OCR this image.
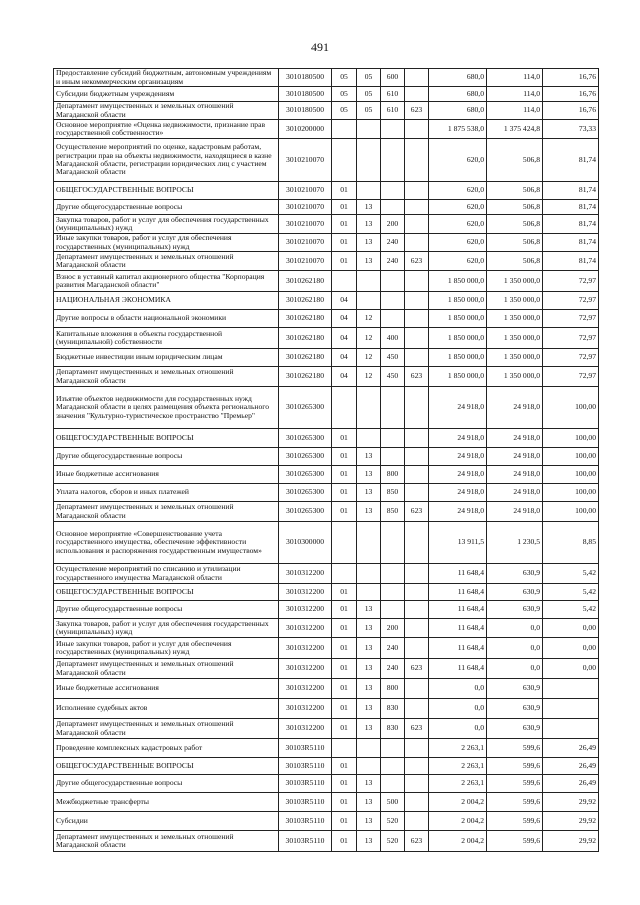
491
Предоставление субсидий бюджетным, автономным учреждениям и иным некоммерческим организациям	3010180500	05	05	600		680,0	114,0	16,76
Субсидии бюджетным учреждениям	3010180500	05	05	610		680,0	114,0	16,76
Департамент имущественных и земельных отношений Магаданской области	3010180500	05	05	610	623	680,0	114,0	16,76
Основное мероприятие «Оценка недвижимости, признание прав государственной собственности»	3010200000					1 875 538,0	1 375 424,8	73,33
Осуществление мероприятий по оценке, кадастровым работам, регистрации прав на объекты недвижимости, находящиеся в казне Магаданской области, регистрации юридических лиц с участием Магаданской области	3010210070					620,0	506,8	81,74
ОБЩЕГОСУДАРСТВЕННЫЕ ВОПРОСЫ	3010210070	01				620,0	506,8	81,74
Другие общегосударственные вопросы	3010210070	01	13			620,0	506,8	81,74
Закупка товаров, работ и услуг для обеспечения государственных (муниципальных) нужд	3010210070	01	13	200		620,0	506,8	81,74
Иные закупки товаров, работ и услуг для обеспечения государственных (муниципальных) нужд	3010210070	01	13	240		620,0	506,8	81,74
Департамент имущественных и земельных отношений Магаданской области	3010210070	01	13	240	623	620,0	506,8	81,74
Взнос в уставный капитал акционерного общества "Корпорация развития Магаданской области"	3010262180					1 850 000,0	1 350 000,0	72,97
НАЦИОНАЛЬНАЯ ЭКОНОМИКА	3010262180	04				1 850 000,0	1 350 000,0	72,97
Другие вопросы в области национальной экономики	3010262180	04	12			1 850 000,0	1 350 000,0	72,97
Капитальные вложения в объекты государственной (муниципальной) собственности	3010262180	04	12	400		1 850 000,0	1 350 000,0	72,97
Бюджетные инвестиции иным юридическим лицам	3010262180	04	12	450		1 850 000,0	1 350 000,0	72,97
Департамент имущественных и земельных отношений Магаданской области	3010262180	04	12	450	623	1 850 000,0	1 350 000,0	72,97
Изъятие объектов недвижимости для государственных нужд Магаданской области в целях размещения объекта регионального значения "Культурно-туристическое пространство "Премьер"	3010265300					24 918,0	24 918,0	100,00
ОБЩЕГОСУДАРСТВЕННЫЕ ВОПРОСЫ	3010265300	01				24 918,0	24 918,0	100,00
Другие общегосударственные вопросы	3010265300	01	13			24 918,0	24 918,0	100,00
Иные бюджетные ассигнования	3010265300	01	13	800		24 918,0	24 918,0	100,00
Уплата налогов, сборов и иных платежей	3010265300	01	13	850		24 918,0	24 918,0	100,00
Департамент имущественных и земельных отношений Магаданской области	3010265300	01	13	850	623	24 918,0	24 918,0	100,00
Основное мероприятие «Совершенствование учета государственного имущества, обеспечение эффективности использования и распоряжения государственным имуществом»	3010300000					13 911,5	1 230,5	8,85
Осуществление мероприятий по списанию и утилизации государственного имущества Магаданской области	3010312200					11 648,4	630,9	5,42
ОБЩЕГОСУДАРСТВЕННЫЕ ВОПРОСЫ	3010312200	01				11 648,4	630,9	5,42
Другие общегосударственные вопросы	3010312200	01	13			11 648,4	630,9	5,42
Закупка товаров, работ и услуг для обеспечения государственных (муниципальных) нужд	3010312200	01	13	200		11 648,4	0,0	0,00
Иные закупки товаров, работ и услуг для обеспечения государственных (муниципальных) нужд	3010312200	01	13	240		11 648,4	0,0	0,00
Департамент имущественных и земельных отношений Магаданской области	3010312200	01	13	240	623	11 648,4	0,0	0,00
Иные бюджетные ассигнования	3010312200	01	13	800		0,0	630,9	
Исполнение судебных актов	3010312200	01	13	830		0,0	630,9	
Департамент имущественных и земельных отношений Магаданской области	3010312200	01	13	830	623	0,0	630,9	
Проведение комплексных кадастровых работ	30103R5110					2 263,1	599,6	26,49
ОБЩЕГОСУДАРСТВЕННЫЕ ВОПРОСЫ	30103R5110	01				2 263,1	599,6	26,49
Другие общегосударственные вопросы	30103R5110	01	13			2 263,1	599,6	26,49
Межбюджетные трансферты	30103R5110	01	13	500		2 004,2	599,6	29,92
Субсидии	30103R5110	01	13	520		2 004,2	599,6	29,92
Департамент имущественных и земельных отношений Магаданской области	30103R5110	01	13	520	623	2 004,2	599,6	29,92
